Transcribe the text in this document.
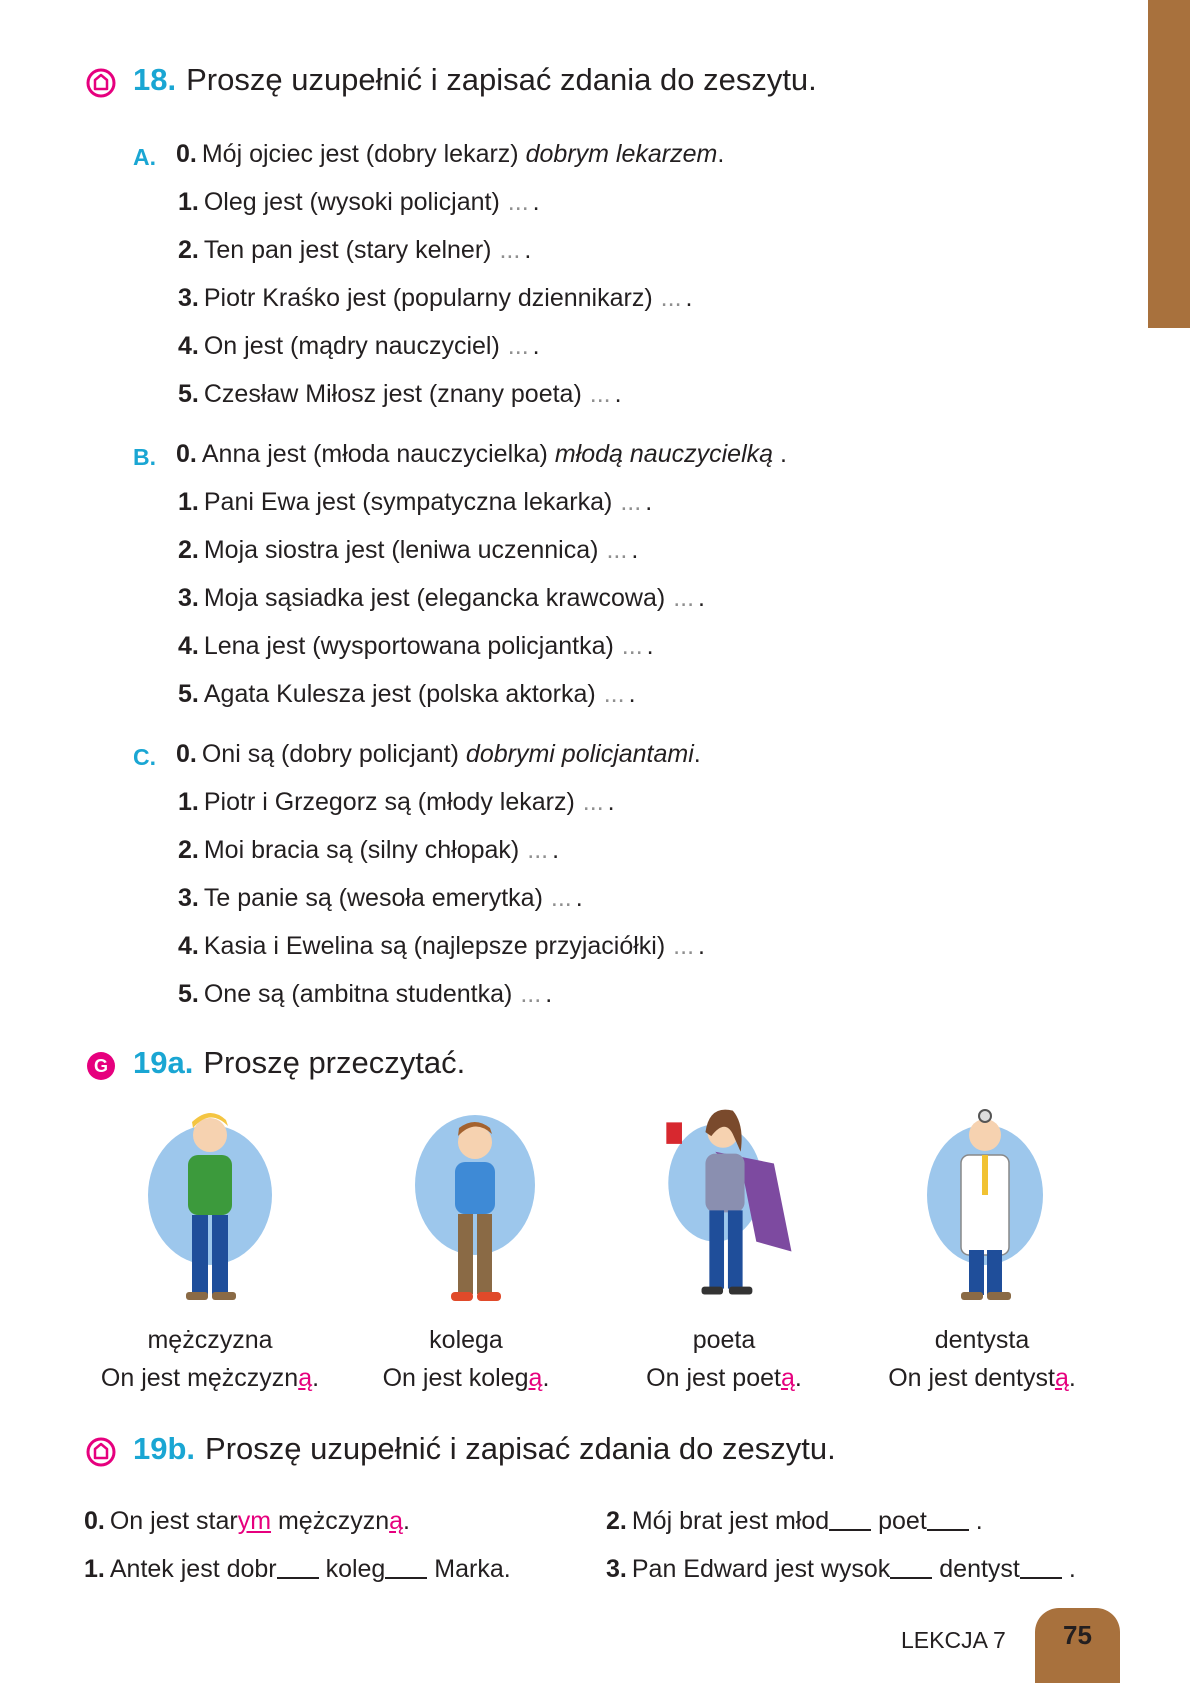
18. Proszę uzupełnić i zapisać zdania do zeszytu.
A. 0. Mój ojciec jest (dobry lekarz) dobrym lekarzem.
1. Oleg jest (wysoki policjant) ... .
2. Ten pan jest (stary kelner) ... .
3. Piotr Kraśko jest (popularny dziennikarz) ... .
4. On jest (mądry nauczyciel) ... .
5. Czesław Miłosz jest (znany poeta) ... .
B. 0. Anna jest (młoda nauczycielka) młodą nauczycielką .
1. Pani Ewa jest (sympatyczna lekarka) ... .
2. Moja siostra jest (leniwa uczennica) ... .
3. Moja sąsiadka jest (elegancka krawcowa) ... .
4. Lena jest (wysportowana policjantka) ... .
5. Agata Kulesza jest (polska aktorka) ... .
C. 0. Oni są (dobry policjant) dobrymi policjantami.
1. Piotr i Grzegorz są (młody lekarz) ... .
2. Moi bracia są (silny chłopak) ... .
3. Te panie są (wesoła emerytka) ... .
4. Kasia i Ewelina są (najlepsze przyjaciółki) ... .
5. One są (ambitna studentka) ... .
G 19a. Proszę przeczytać.
mężczyzna
On jest mężczyzną.
kolega
On jest kolegą.
poeta
On jest poetą.
dentysta
On jest dentystą.
19b. Proszę uzupełnić i zapisać zdania do zeszytu.
0. On jest starym mężczyzną.
1. Antek jest dobr koleg Marka.
2. Mój brat jest młod poet .
3. Pan Edward jest wysok dentyst .
LEKCJA 7	75
